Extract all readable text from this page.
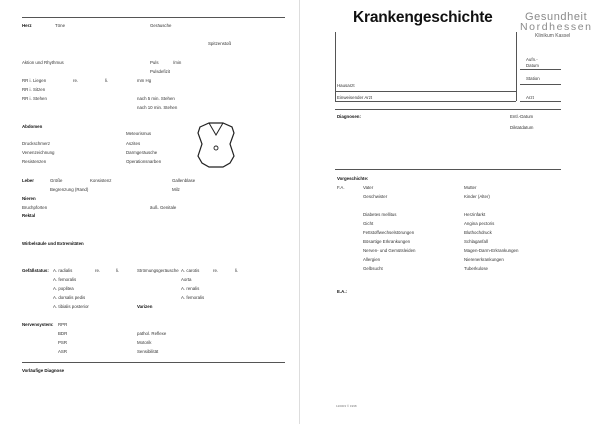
Herz	Töne	Geräusche
Spitzenstoß
Aktion und Rhythmus	Puls	/min
Pulsdefizit
RR i. Liegen	re.	li.	mm Hg
RR i. Sitzen
RR i. Stehen	nach 5 min. Stehen
nach 10 min. Stehen
Abdomen
Meteorismus
Druckschmerz	Aszites
Venenzeichnung	Darmgeräusche
Resistenzen	Operationsnarben
Leber	Größe	Konsistenz	Gallenblase
Begrenzung (Rand)	Milz
Nieren
Bruchpforten	äuß. Genitale
Rektal
Wirbelsäule und Extremitäten
Gefäßstatus: A. radialis	re.	li.	Strömungsgeräusche A. carotis	re.	li.
A. femoralis	Aorta
A. poplitea	A. renalis
A. dorsalis pedis	A. femoralis
A. tibialis posterior	Varizen
Nervensystem: RPR
pathol. Reflexe
BDR
PSR	Motorik
ASR	Sensibilität
Vorläufige Diagnose
Krankengeschichte	Gesundheit
Nordhessen
Klinikum Kassel
Aufn.-
Datum
Station
Hausarzt
Einweisender Arzt	Arzt
Diagnosen:	Entl.-Datum
Diktatdatum
Vorgeschichte:
F.A.	Vater	Mutter
Geschwister	Kinder (Alter)
Diabetes mellitus	Herzinfarkt
Gicht	Angina pectoris
Fettstoffwechselstörungen	Bluthochdruck
Bösartige Erkrankungen	Schlaganfall
Nerven- und Gemütsleiden	Magen-Darm-Erkrankungen
Allergien	Nierenerkrankungen
Gelbsucht	Tuberkulose
E.A.:
120003 © 1998
